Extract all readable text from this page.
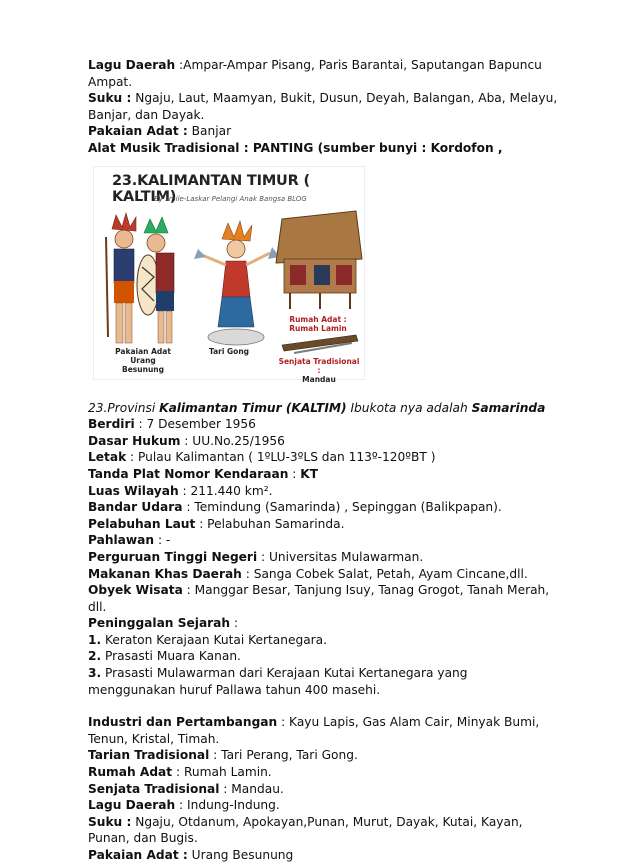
Lagu Daerah :Ampar-Ampar Pisang, Paris Barantai, Saputangan Bapuncu Ampat.
Suku : Ngaju, Laut, Maamyan, Bukit, Dusun, Deyah, Balangan, Aba, Melayu, Banjar, dan Dayak.
Pakaian Adat : Banjar
Alat Musik Tradisional : PANTING (sumber bunyi : Kordofon ,
23.KALIMANTAN TIMUR ( KALTIM)
By smile-Laskar Pelangi Anak Bangsa BLOG
Pakaian Adat
Urang Besunung
Tari Gong
Rumah Adat :
Rumah Lamin
Senjata Tradisional :
Mandau
23.Provinsi Kalimantan Timur (KALTIM) Ibukota nya adalah Samarinda
Berdiri : 7 Desember 1956
Dasar Hukum : UU.No.25/1956
Letak : Pulau Kalimantan ( 1ºLU-3ºLS dan 113º-120ºBT )
Tanda Plat Nomor Kendaraan : KT
Luas Wilayah : 211.440 km².
Bandar Udara : Temindung (Samarinda) , Sepinggan (Balikpapan).
Pelabuhan Laut : Pelabuhan Samarinda.
Pahlawan : -
Perguruan Tinggi Negeri : Universitas Mulawarman.
Makanan Khas Daerah : Sanga Cobek Salat, Petah, Ayam Cincane,dll.
Obyek Wisata : Manggar Besar, Tanjung Isuy, Tanag Grogot, Tanah Merah, dll.
Peninggalan Sejarah :
1. Keraton Kerajaan Kutai Kertanegara.
2. Prasasti Muara Kanan.
3. Prasasti Mulawarman dari Kerajaan Kutai Kertanegara yang menggunakan huruf Pallawa tahun 400 masehi.
Industri dan Pertambangan : Kayu Lapis, Gas Alam Cair, Minyak Bumi, Tenun, Kristal, Timah.
Tarian Tradisional : Tari Perang, Tari Gong.
Rumah Adat : Rumah Lamin.
Senjata Tradisional : Mandau.
Lagu Daerah : Indung-Indung.
Suku : Ngaju, Otdanum, Apokayan,Punan, Murut, Dayak, Kutai, Kayan, Punan, dan Bugis.
Pakaian Adat : Urang Besunung
